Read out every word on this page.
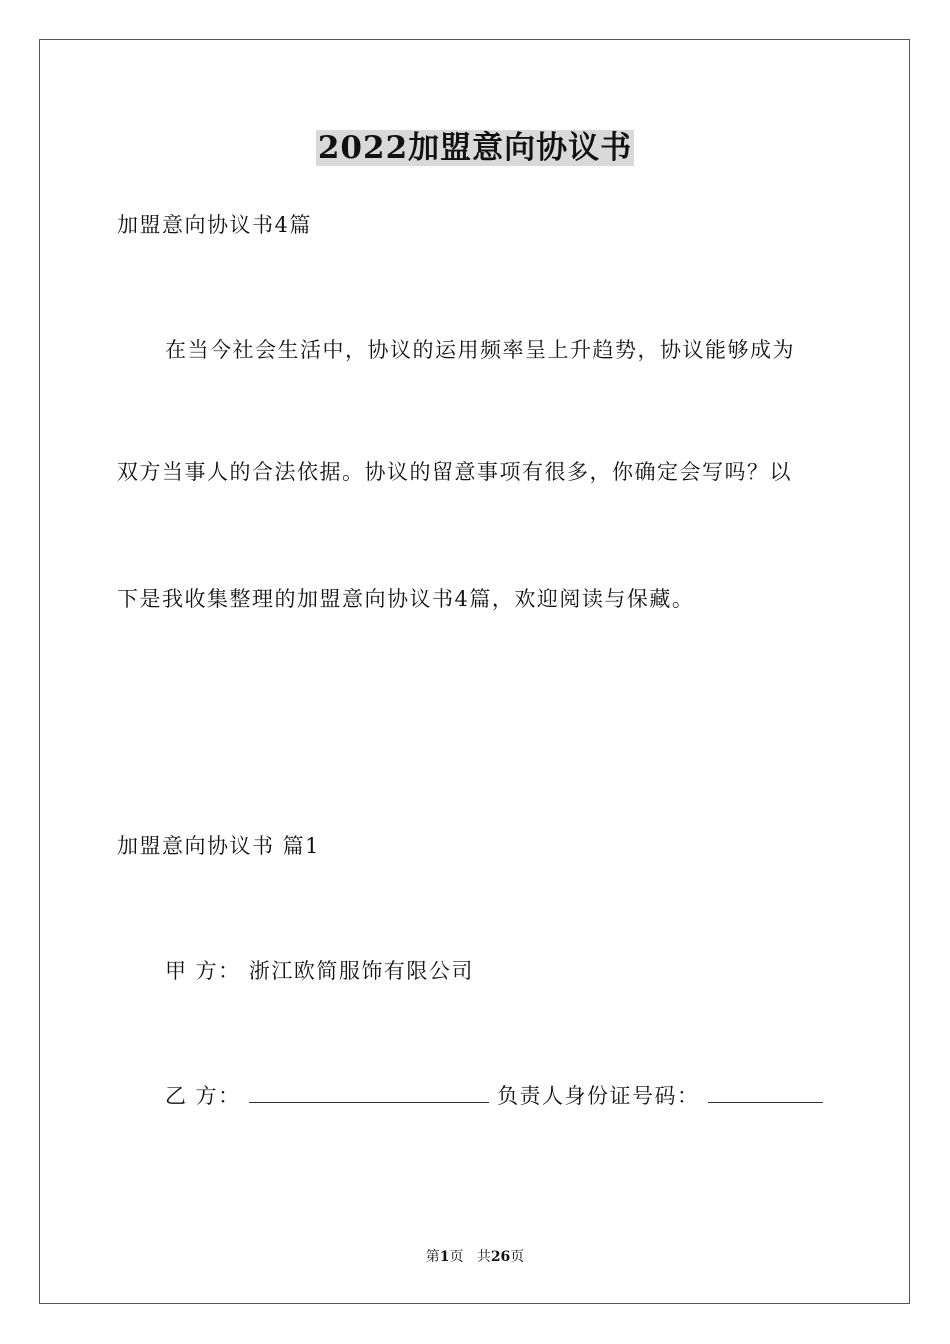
2022加盟意向协议书
加盟意向协议书4篇
在当今社会生活中，协议的运用频率呈上升趋势，协议能够成为
双方当事人的合法依据。协议的留意事项有很多，你确定会写吗？以
下是我收集整理的加盟意向协议书4篇，欢迎阅读与保藏。
加盟意向协议书 篇1
甲 方： 浙江欧简服饰有限公司
乙 方：	负责人身份证号码：
第1页 共26页
